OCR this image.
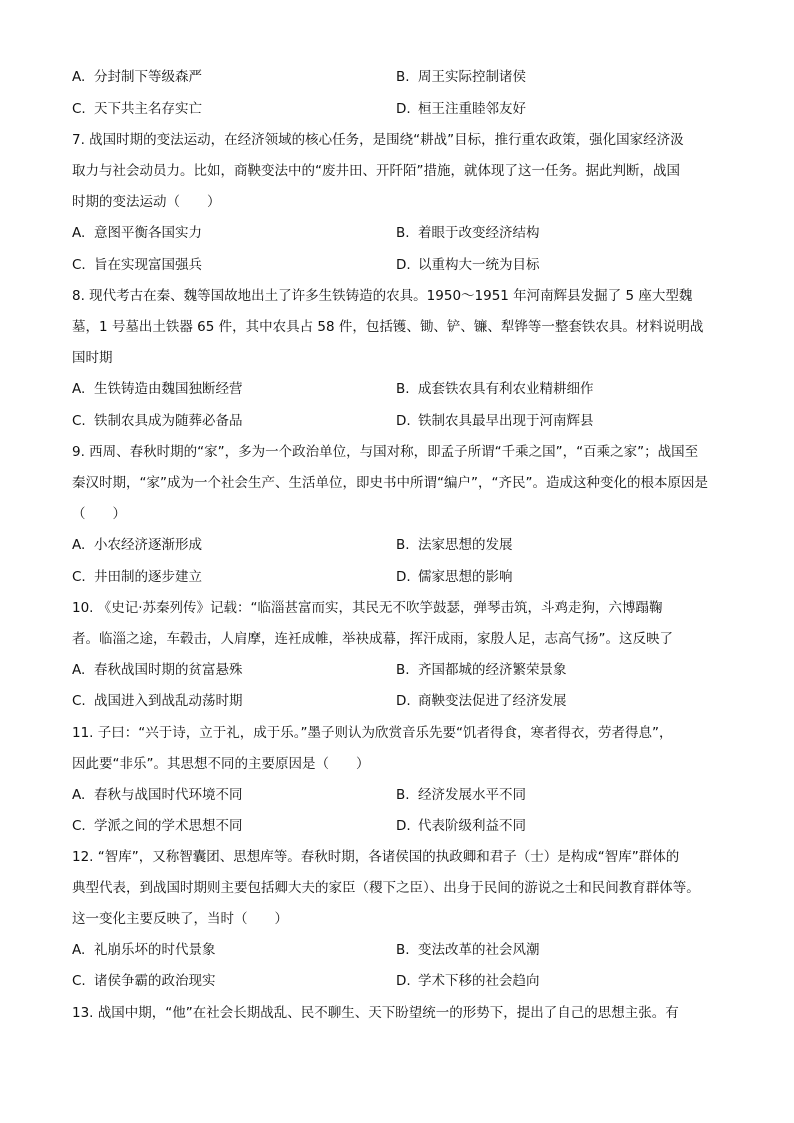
A. 分封制下等级森严	B. 周王实际控制诸侯
C. 天下共主名存实亡	D. 桓王注重睦邻友好
7. 战国时期的变法运动，在经济领域的核心任务，是围绕“耕战”目标，推行重农政策，强化国家经济汲
取力与社会动员力。比如，商鞅变法中的“废井田、开阡陌”措施，就体现了这一任务。据此判断，战国
时期的变法运动（　　）
A. 意图平衡各国实力	B. 着眼于改变经济结构
C. 旨在实现富国强兵	D. 以重构大一统为目标
8. 现代考古在秦、魏等国故地出土了许多生铁铸造的农具。1950～1951 年河南辉县发掘了 5 座大型魏
墓，1 号墓出土铁器 65 件，其中农具占 58 件，包括镬、锄、铲、镰、犁铧等一整套铁农具。材料说明战
国时期
A. 生铁铸造由魏国独断经营	B. 成套铁农具有利农业精耕细作
C. 铁制农具成为随葬必备品	D. 铁制农具最早出现于河南辉县
9. 西周、春秋时期的“家”，多为一个政治单位，与国对称，即孟子所谓“千乘之国”，“百乘之家”；战国至
秦汉时期，“家”成为一个社会生产、生活单位，即史书中所谓“编户”，“齐民”。造成这种变化的根本原因是
（　　）
A. 小农经济逐渐形成	B. 法家思想的发展
C. 井田制的逐步建立	D. 儒家思想的影响
10. 《史记·苏秦列传》记载：“临淄甚富而实，其民无不吹竽鼓瑟，弹琴击筑，斗鸡走狗，六博蹋鞠
者。临淄之途，车毂击，人肩摩，连衽成帷，举袂成幕，挥汗成雨，家殷人足，志高气扬”。这反映了
A. 春秋战国时期的贫富悬殊	B. 齐国都城的经济繁荣景象
C. 战国进入到战乱动荡时期	D. 商鞅变法促进了经济发展
11. 子曰：“兴于诗，立于礼，成于乐。”墨子则认为欣赏音乐先要“饥者得食，寒者得衣，劳者得息”，
因此要“非乐”。其思想不同的主要原因是（　　）
A. 春秋与战国时代环境不同	B. 经济发展水平不同
C. 学派之间的学术思想不同	D. 代表阶级利益不同
12. “智库”，又称智囊团、思想库等。春秋时期，各诸侯国的执政卿和君子（士）是构成“智库”群体的
典型代表，到战国时期则主要包括卿大夫的家臣（稷下之臣）、出身于民间的游说之士和民间教育群体等。
这一变化主要反映了，当时（　　）
A. 礼崩乐坏的时代景象	B. 变法改革的社会风潮
C. 诸侯争霸的政治现实	D. 学术下移的社会趋向
13. 战国中期，“他”在社会长期战乱、民不聊生、天下盼望统一的形势下，提出了自己的思想主张。有
